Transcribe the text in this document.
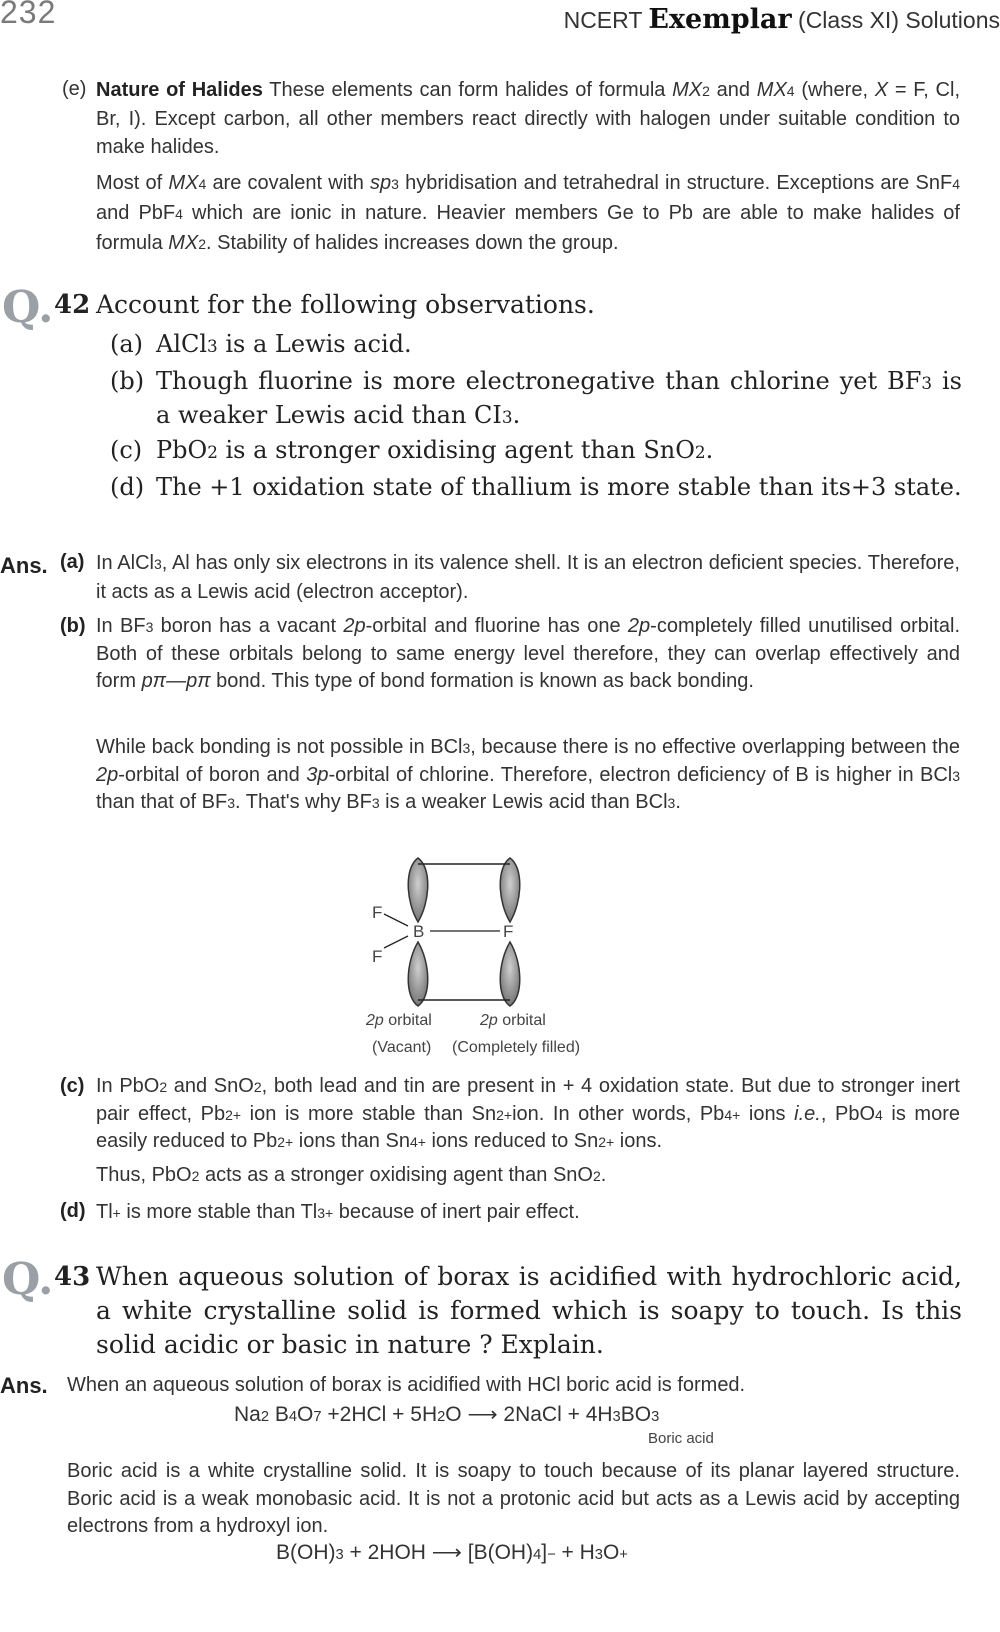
232	NCERT Exemplar (Class XI) Solutions
(e) Nature of Halides These elements can form halides of formula $MX_2$ and $MX_4$ (where, X = F, Cl, Br, I). Except carbon, all other members react directly with halogen under suitable condition to make halides.
Most of $MX_4$ are covalent with $sp^3$ hybridisation and tetrahedral in structure. Exceptions are SnF$_4$ and PbF$_4$ which are ionic in nature. Heavier members Ge to Pb are able to make halides of formula $MX_2$. Stability of halides increases down the group.
Q. 42 Account for the following observations.
(a) AlCl$_3$ is a Lewis acid.
(b) Though fluorine is more electronegative than chlorine yet $BF_3$ is a weaker Lewis acid than $CI_3$.
(c) PbO$_2$ is a stronger oxidising agent than SnO$_2$.
(d) The +1 oxidation state of thallium is more stable than its+3 state.
Ans. (a) In AlCl$_3$, Al has only six electrons in its valence shell. It is an electron deficient species. Therefore, it acts as a Lewis acid (electron acceptor).
(b) In $BF_3$ boron has a vacant 2p-orbital and fluorine has one 2p-completely filled unutilised orbital. Both of these orbitals belong to same energy level therefore, they can overlap effectively and form pπ—pπ bond. This type of bond formation is known as back bonding.
While back bonding is not possible in BCl$_3$, because there is no effective overlapping between the 2p-orbital of boron and 3p-orbital of chlorine. Therefore, electron deficiency of B is higher in BCl$_3$ than that of $BF_3$. That's why $BF_3$ is a weaker Lewis acid than BCl$_3$.
F
F
B	F
2p orbital	2p orbital
(Vacant) (Completely filled)
(c) In PbO$_2$ and SnO$_2$, both lead and tin are present in + 4 oxidation state. But due to stronger inert pair effect, $Pb^{2+}$ ion is more stable than $Sn^{2+}ion$. In other words, $Pb^{4+}$ ions i.e., PbO$_4$ is more easily reduced to $Pb^{2+}$ ions than $Sn^{4+}$ ions reduced to $Sn^{2+}$ ions.
Thus, PbO$_2$ acts as a stronger oxidising agent than SnO$_2$.
(d) Tl+ is more stable than $Tl^{3+}$ because of inert pair effect.
Q. 43 When aqueous solution of borax is acidified with hydrochloric acid, a white crystalline solid is formed which is soapy to touch. Is this solid acidic or basic in nature ? Explain.
Ans. When an aqueous solution of borax is acidified with HCl boric acid is formed.
$Na_2$ $B_4O_7 +2HCl + 5H_2O$ ⟶ 2NaCl + $4H_3BO_3$
Boric acid
Boric acid is a white crystalline solid. It is soapy to touch because of its planar layered structure. Boric acid is a weak monobasic acid. It is not a protonic acid but acts as a Lewis acid by accepting electrons from a hydroxyl ion.
$B(OH)_3 + 2HOH$ ⟶ $[B(OH)_4]^- + H_3O^+$
